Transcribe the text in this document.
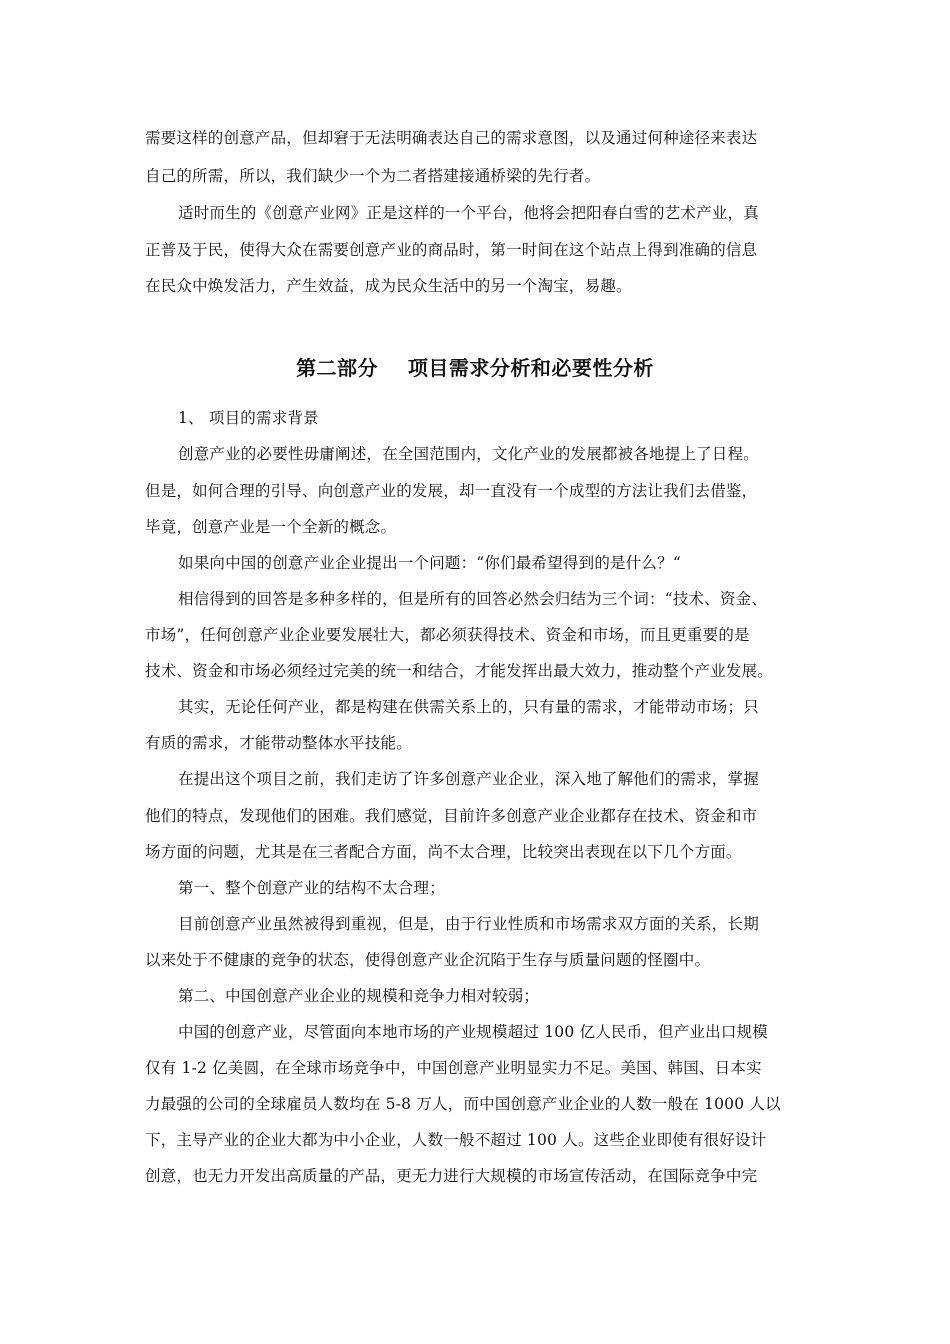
需要这样的创意产品，但却窘于无法明确表达自己的需求意图，以及通过何种途径来表达
自己的所需，所以，我们缺少一个为二者搭建接通桥梁的先行者。
适时而生的《创意产业网》正是这样的一个平台，他将会把阳春白雪的艺术产业，真
正普及于民，使得大众在需要创意产业的商品时，第一时间在这个站点上得到准确的信息
在民众中焕发活力，产生效益，成为民众生活中的另一个淘宝，易趣。
第二部分    项目需求分析和必要性分析
1、 项目的需求背景
创意产业的必要性毋庸阐述，在全国范围内，文化产业的发展都被各地提上了日程。
但是，如何合理的引导、向创意产业的发展，却一直没有一个成型的方法让我们去借鉴，
毕竟，创意产业是一个全新的概念。
如果向中国的创意产业企业提出一个问题：“你们最希望得到的是什么？“
相信得到的回答是多种多样的，但是所有的回答必然会归结为三个词：“技术、资金、
市场”，任何创意产业企业要发展壮大，都必须获得技术、资金和市场，而且更重要的是
技术、资金和市场必须经过完美的统一和结合，才能发挥出最大效力，推动整个产业发展。
其实，无论任何产业，都是构建在供需关系上的，只有量的需求，才能带动市场；只
有质的需求，才能带动整体水平技能。
在提出这个项目之前，我们走访了许多创意产业企业，深入地了解他们的需求，掌握
他们的特点，发现他们的困难。我们感觉，目前许多创意产业企业都存在技术、资金和市
场方面的问题，尤其是在三者配合方面，尚不太合理，比较突出表现在以下几个方面。
第一、整个创意产业的结构不太合理；
目前创意产业虽然被得到重视，但是，由于行业性质和市场需求双方面的关系，长期
以来处于不健康的竞争的状态，使得创意产业企沉陷于生存与质量问题的怪圈中。
第二、中国创意产业企业的规模和竞争力相对较弱；
中国的创意产业，尽管面向本地市场的产业规模超过 100 亿人民币，但产业出口规模
仅有 1-2 亿美圆，在全球市场竞争中，中国创意产业明显实力不足。美国、韩国、日本实
力最强的公司的全球雇员人数均在 5-8 万人，而中国创意产业企业的人数一般在 1000 人以
下，主导产业的企业大都为中小企业，人数一般不超过 100 人。这些企业即使有很好设计
创意，也无力开发出高质量的产品，更无力进行大规模的市场宣传活动，在国际竞争中完
